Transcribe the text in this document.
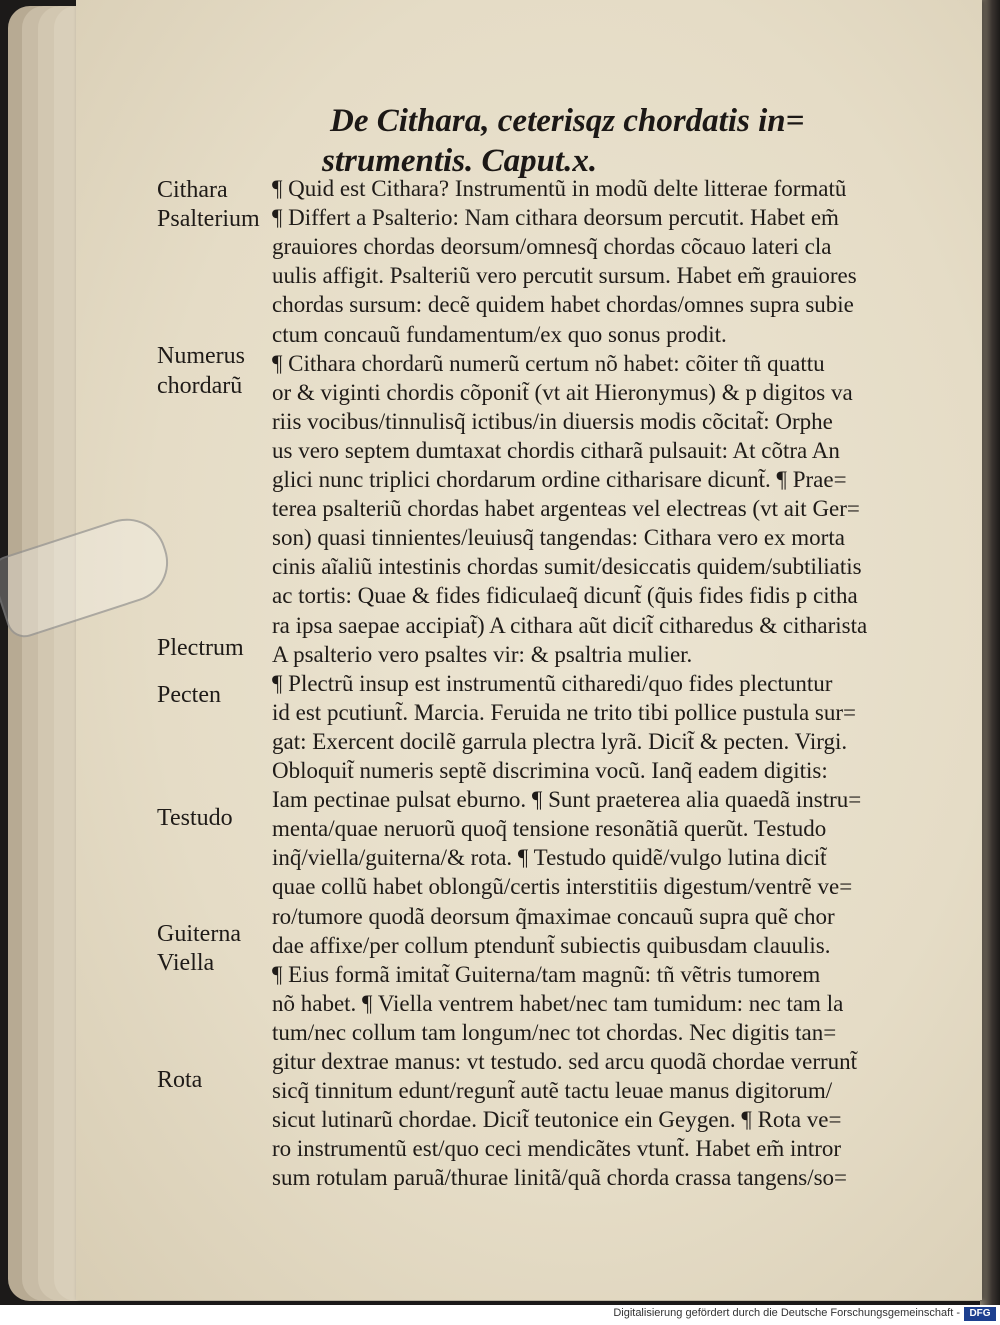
De Cithara, ceterisqz chordatis in=
strumentis. Caput.x.
Cithara
Psalterium
Numerus
chordarũ
Plectrum
Pecten
Testudo
Guiterna
Viella
Rota
¶ Quid est Cithara? Instrumentũ in modũ delte litterae formatũ
¶ Differt a Psalterio: Nam cithara deorsum percutit. Habet em̃
grauiores chordas deorsum/omnesq̃ chordas cõcauo lateri cla
uulis affigit. Psalteriũ vero percutit sursum. Habet em̃ grauiores
chordas sursum: decẽ quidem habet chordas/omnes supra subie
ctum concauũ fundamentum/ex quo sonus prodit.
¶ Cithara chordarũ numerũ certum nõ habet: cõiter tñ quattu
or & viginti chordis cõponit̃ (vt ait Hieronymus) & p digitos va
riis vocibus/tinnulisq̃ ictibus/in diuersis modis cõcitat̃: Orphe
us vero septem dumtaxat chordis citharã pulsauit: At cõtra An
glici nunc triplici chordarum ordine citharisare dicunt̃. ¶ Prae=
terea psalteriũ chordas habet argenteas vel electreas (vt ait Ger=
son) quasi tinnientes/leuiusq̃ tangendas: Cithara vero ex morta
cinis aĩaliũ intestinis chordas sumit/desiccatis quidem/subtiliatis
ac tortis: Quae & fides fidiculaeq̃ dicunt̃ (q̃uis fides fidis p citha
ra ipsa saepae accipiat̃) A cithara aũt dicit̃ citharedus & citharista
A psalterio vero psaltes vir: & psaltria mulier.
¶ Plectrũ insup est instrumentũ citharedi/quo fides plectuntur
id est pcutiunt̃. Marcia. Feruida ne trito tibi pollice pustula sur=
gat: Exercent docilẽ garrula plectra lyrã. Dicit̃ & pecten. Virgi.
Obloquit̃ numeris septẽ discrimina vocũ. Ianq̃ eadem digitis:
Iam pectinae pulsat eburno. ¶ Sunt praeterea alia quaedã instru=
menta/quae neruorũ quoq̃ tensione resonãtiã querũt. Testudo
inq̃/viella/guiterna/& rota. ¶ Testudo quidẽ/vulgo lutina dicit̃
quae collũ habet oblongũ/certis interstitiis digestum/ventrẽ ve=
ro/tumore quodã deorsum q̃maximae concauũ supra quẽ chor
dae affixe/per collum ptendunt̃ subiectis quibusdam clauulis.
¶ Eius formã imitat̃ Guiterna/tam magnũ: tñ vẽtris tumorem
nõ habet. ¶ Viella ventrem habet/nec tam tumidum: nec tam la
tum/nec collum tam longum/nec tot chordas. Nec digitis tan=
gitur dextrae manus: vt testudo. sed arcu quodã chordae verrunt̃
sicq̃ tinnitum edunt/regunt̃ autẽ tactu leuae manus digitorum/
sicut lutinarũ chordae. Dicit̃ teutonice ein Geygen. ¶ Rota ve=
ro instrumentũ est/quo ceci mendicãtes vtunt̃. Habet em̃ intror
sum rotulam paruã/thurae linitã/quã chorda crassa tangens/so=
Digitalisierung gefördert durch die Deutsche Forschungsgemeinschaft - DFG
